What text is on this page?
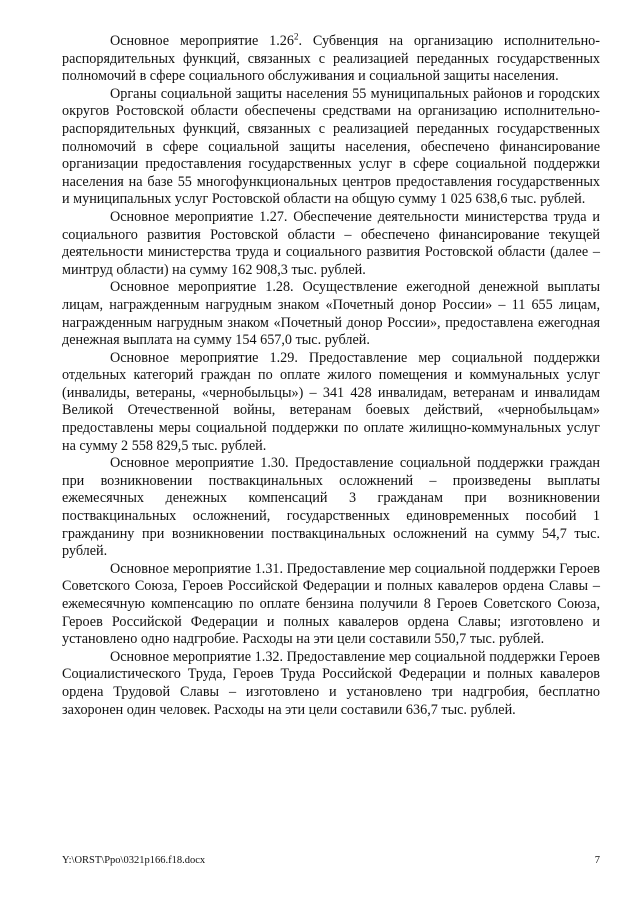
Основное мероприятие 1.26$^2$. Субвенция на организацию исполнительно-распорядительных функций, связанных с реализацией переданных государственных полномочий в сфере социального обслуживания и социальной защиты населения.

Органы социальной защиты населения 55 муниципальных районов и городских округов Ростовской области обеспечены средствами на организацию исполнительно-распорядительных функций, связанных с реализацией переданных государственных полномочий в сфере социальной защиты населения, обеспечено финансирование организации предоставления государственных услуг в сфере социальной поддержки населения на базе 55 многофункциональных центров предоставления государственных и муниципальных услуг Ростовской области на общую сумму 1 025 638,6 тыс. рублей.

Основное мероприятие 1.27. Обеспечение деятельности министерства труда и социального развития Ростовской области – обеспечено финансирование текущей деятельности министерства труда и социального развития Ростовской области (далее – минтруд области) на сумму 162 908,3 тыс. рублей.

Основное мероприятие 1.28. Осуществление ежегодной денежной выплаты лицам, награжденным нагрудным знаком «Почетный донор России» – 11 655 лицам, награжденным нагрудным знаком «Почетный донор России», предоставлена ежегодная денежная выплата на сумму 154 657,0 тыс. рублей.

Основное мероприятие 1.29. Предоставление мер социальной поддержки отдельных категорий граждан по оплате жилого помещения и коммунальных услуг (инвалиды, ветераны, «чернобыльцы») – 341 428 инвалидам, ветеранам и инвалидам Великой Отечественной войны, ветеранам боевых действий, «чернобыльцам» предоставлены меры социальной поддержки по оплате жилищно-коммунальных услуг на сумму 2 558 829,5 тыс. рублей.

Основное мероприятие 1.30. Предоставление социальной поддержки граждан при возникновении поствакцинальных осложнений – произведены выплаты ежемесячных денежных компенсаций 3 гражданам при возникновении поствакцинальных осложнений, государственных единовременных пособий 1 гражданину при возникновении поствакцинальных осложнений на сумму 54,7 тыс. рублей.

Основное мероприятие 1.31. Предоставление мер социальной поддержки Героев Советского Союза, Героев Российской Федерации и полных кавалеров ордена Славы – ежемесячную компенсацию по оплате бензина получили 8 Героев Советского Союза, Героев Российской Федерации и полных кавалеров ордена Славы; изготовлено и установлено одно надгробие. Расходы на эти цели составили 550,7 тыс. рублей.

Основное мероприятие 1.32. Предоставление мер социальной поддержки Героев Социалистического Труда, Героев Труда Российской Федерации и полных кавалеров ордена Трудовой Славы – изготовлено и установлено три надгробия, бесплатно захоронен один человек. Расходы на эти цели составили 636,7 тыс. рублей.

Y:\ORST\Ppo\0321p166.f18.docx	7
